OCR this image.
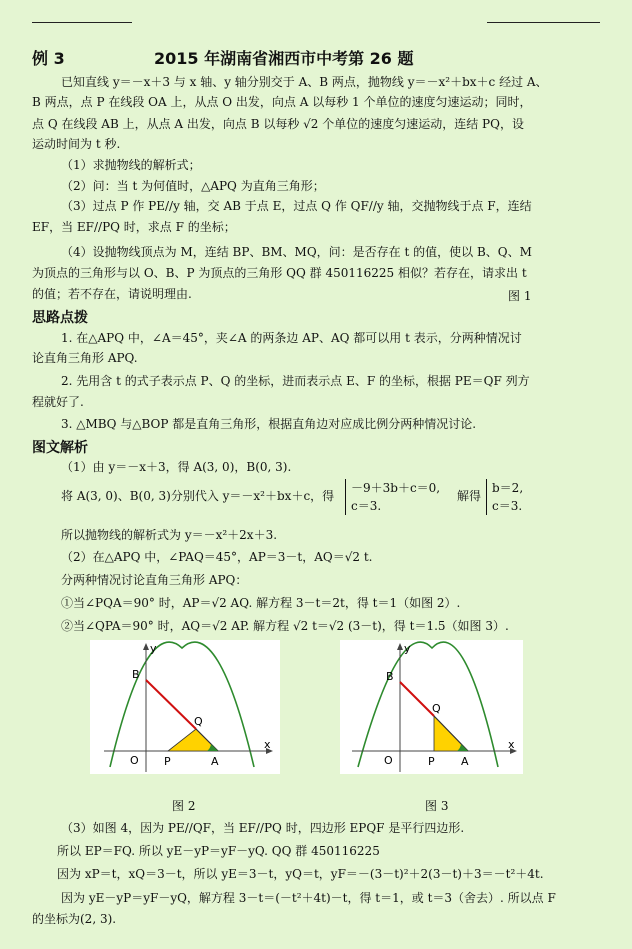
例 3	2015 年湖南省湘西市中考第 26 题
已知直线 y＝－x＋3 与 x 轴、y 轴分别交于 A、B 两点，抛物线 y＝－x²＋bx＋c 经过 A、
B 两点，点 P 在线段 OA 上，从点 O 出发，向点 A 以每秒 1 个单位的速度匀速运动；同时，
点 Q 在线段 AB 上，从点 A 出发，向点 B 以每秒 √2 个单位的速度匀速运动，连结 PQ，设
运动时间为 t 秒.
（1）求抛物线的解析式；
（2）问：当 t 为何值时，△APQ 为直角三角形；
（3）过点 P 作 PE//y 轴，交 AB 于点 E，过点 Q 作 QF//y 轴，交抛物线于点 F，连结
EF，当 EF//PQ 时，求点 F 的坐标；
（4）设抛物线顶点为 M，连结 BP、BM、MQ，问：是否存在 t 的值，使以 B、Q、M
为顶点的三角形与以 O、B、P 为顶点的三角形 QQ 群 450116225 相似？若存在，请求出 t
的值；若不存在，请说明理由.	图 1
思路点拨
1. 在△APQ 中，∠A＝45°，夹∠A 的两条边 AP、AQ 都可以用 t 表示，分两种情况讨
论直角三角形 APQ.
2. 先用含 t 的式子表示点 P、Q 的坐标，进而表示点 E、F 的坐标，根据 PE＝QF 列方
程就好了.
3. △MBQ 与△BOP 都是直角三角形，根据直角边对应成比例分两种情况讨论.
图文解析
（1）由 y＝－x＋3，得 A(3, 0)，B(0, 3).
将 A(3, 0)、B(0, 3)分别代入 y＝－x²＋bx＋c，得
－9＋3b＋c＝0,
c＝3.
解得
b＝2,
c＝3.
所以抛物线的解析式为 y＝－x²＋2x＋3.
（2）在△APQ 中，∠PAQ＝45°，AP＝3－t，AQ＝√2 t.
分两种情况讨论直角三角形 APQ：
①当∠PQA＝90° 时，AP＝√2 AQ. 解方程 3－t＝2t，得 t＝1（如图 2）.
②当∠QPA＝90° 时，AQ＝√2 AP. 解方程 √2 t＝√2 (3－t)，得 t＝1.5（如图 3）.
x
y
O
B
P
Q
A
x
y
O
B
P
Q
A
图 2	图 3
（3）如图 4，因为 PE//QF，当 EF//PQ 时，四边形 EPQF 是平行四边形.
所以 EP＝FQ. 所以 yE－yP＝yF－yQ. QQ 群 450116225
因为 xP＝t，xQ＝3－t，所以 yE＝3－t，yQ＝t，yF＝－(3－t)²＋2(3－t)＋3＝－t²＋4t.
因为 yE－yP＝yF－yQ，解方程 3－t＝(－t²＋4t)－t，得 t＝1，或 t＝3（舍去）. 所以点 F
的坐标为(2, 3).
